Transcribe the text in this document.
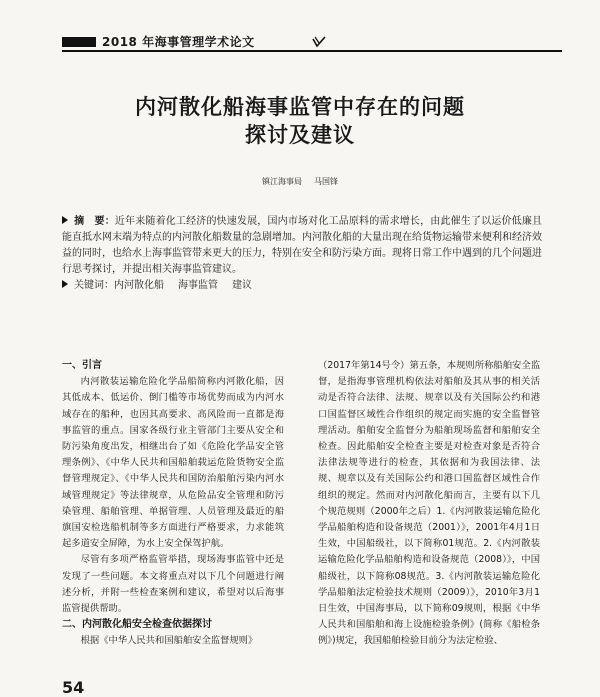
2018 年海事管理学术论文
内河散化船海事监管中存在的问题
探讨及建议
镇江海事局 马国锋
摘　要：近年来随着化工经济的快速发展，国内市场对化工品原料的需求增长，由此催生了以运价低廉且能直抵水网末端为特点的内河散化船数量的急剧增加。内河散化船的大量出现在给货物运输带来便利和经济效益的同时，也给水上海事监管带来更大的压力，特别在安全和防污染方面。现将日常工作中遇到的几个问题进行思考探讨，并提出相关海事监管建议。
关键词：内河散化船 海事监管 建议
一、引言

内河散装运输危险化学品船简称内河散化船，因其低成本、低运价、倒门槛等市场优势而成为内河水域存在的船种，也因其高要求、高风险而一直都是海事监管的重点。国家各级行业主管部门主要从安全和防污染角度出发，相继出台了如《危险化学品安全管理条例》、《中华人民共和国船舶载运危险货物安全监督管理规定》、《中华人民共和国防治船舶污染内河水域管理规定》等法律规章，从危险品安全管理和防污染管理、船舶管理、单据管理、人员管理及最近的船旗国安检选船机制等多方面进行严格要求，力求能筑起多道安全屏障，为水上安全保驾护航。

尽管有多项严格监管举措，现场海事监管中还是发现了一些问题。本文将重点对以下几个问题进行阐述分析，并附一些检查案例和建议，希望对以后海事监管提供帮助。

二、内河散化船安全检查依据探讨

根据《中华人民共和国船舶安全监督规则》

（2017年第14号令）第五条，本规则所称船舶安全监督，是指海事管理机构依法对船舶及其从事的相关活动是否符合法律、法规、规章以及有关国际公约和港口国监督区域性合作组织的规定而实施的安全监督管理活动。船舶安全监督分为船舶现场监督和船舶安全检查。因此船舶安全检查主要是对检查对象是否符合法律法规等进行的检查，其依据和为我国法律、法规、规章以及有关国际公约和港口国监督区域性合作组织的规定。然而对内河散化船而言，主要有以下几个规范规则（2000年之后）1.《内河散装运输危险化学品船舶构造和设备规范（2001）》，2001年4月1日生效，中国船级社，以下简称01规范。2.《内河散装运输危险化学品船舶构造和设备规范（2008）》，中国船级社，以下简称08规范。3.《内河散装运输危险化学品船舶法定检验技术规则（2009）》，2010年3月1日生效，中国海事局，以下简称09规则，根据《中华人民共和国船舶和海上设施检验条例》(简称《船检条例》)规定，我国船舶检验目前分为法定检验、

54
